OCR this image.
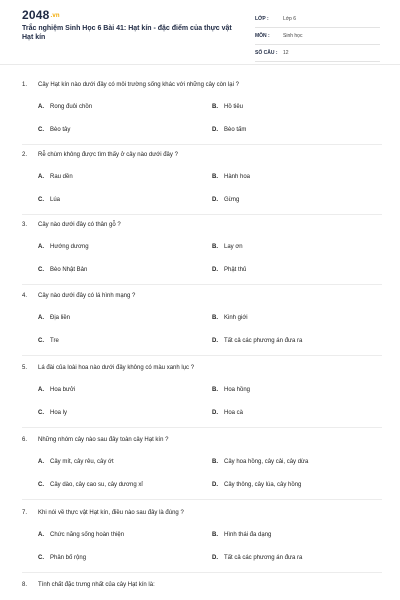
2048.vn
Trắc nghiệm Sinh Học 6 Bài 41: Hạt kín - đặc điểm của thực vật Hạt kín
LỚP :	Lớp 6
MÔN :	Sinh học
SỐ CÂU : 12
1. Cây Hạt kín nào dưới đây có môi trường sống khác với những cây còn lại ?
A. Rong đuôi chồn	B. Hồ tiêu
C. Bèo tây	D. Bèo tấm
2. Rễ chùm không được tìm thấy ở cây nào dưới đây ?
A. Rau dền	B. Hành hoa
C. Lúa	D. Gừng
3. Cây nào dưới đây có thân gỗ ?
A. Hướng dương	B. Lay ơn
C. Bèo Nhật Bản	D. Phật thủ
4. Cây nào dưới đây có lá hình mạng ?
A. Địa liền	B. Kinh giới
C. Tre	D. Tất cả các phương án đưa ra
5. Lá đài của loài hoa nào dưới đây không có màu xanh lục ?
A. Hoa bưởi	B. Hoa hồng
C. Hoa ly	D. Hoa cà
6. Những nhóm cây nào sau đây toàn cây Hạt kín ?
A. Cây mít, cây rêu, cây ớt	B. Cây hoa hồng, cây cải, cây dừa
C. Cây dào, cây cao su, cây dương xỉ	D. Cây thông, cây lúa, cây hồng
7. Khi nói về thực vật Hạt kín, điều nào sau đây là đúng ?
A. Chức năng sống hoàn thiện	B. Hình thái đa dạng
C. Phân bố rộng	D. Tất cả các phương án đưa ra
8. Tính chất đặc trưng nhất của cây Hạt kín là:
